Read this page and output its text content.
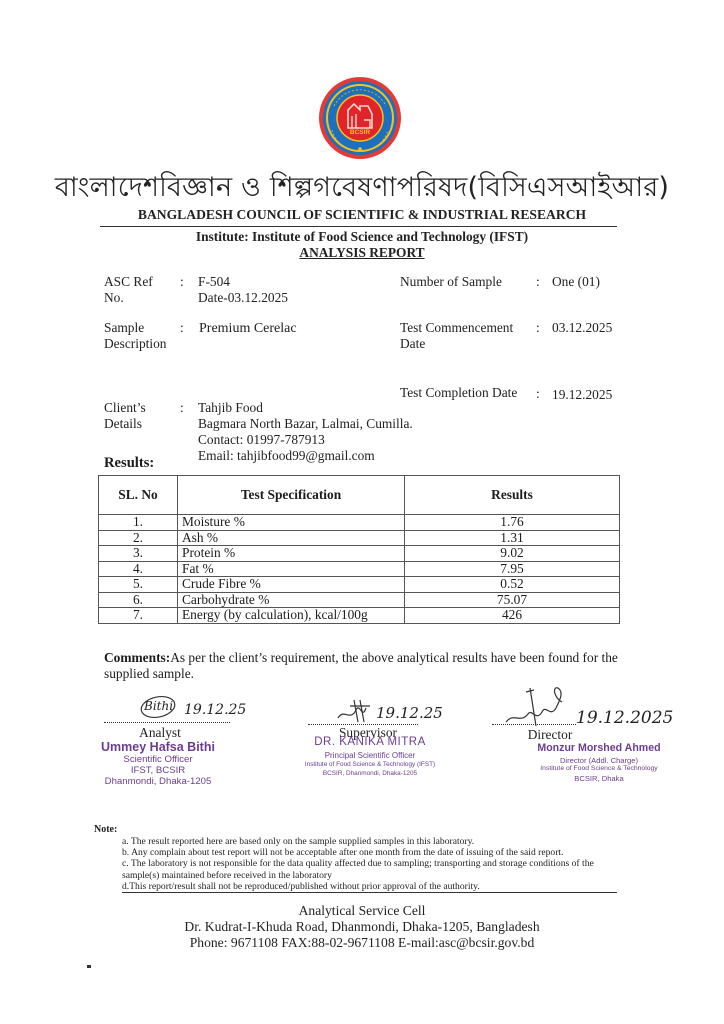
BCSIR
বাংলাদেশবিজ্ঞান ও শিল্পগবেষণাপরিষদ(বিসিএসআইআর)
BANGLADESH COUNCIL OF SCIENTIFIC & INDUSTRIAL RESEARCH
Institute: Institute of Food Science and Technology (IFST)
ANALYSIS REPORT
ASC Ref
No.
: F-504
Date-03.12.2025
Number of Sample	: One (01)
Sample
Description
: Premium Cerelac	Test Commencement
Date
: 03.12.2025
Test Completion Date : 19.12.2025
Client’s
Details
: Tahjib Food
Bagmara North Bazar, Lalmai, Cumilla.
Contact: 01997-787913
Email: tahjibfood99@gmail.com
Results:
SL. No	Test Specification	Results
1.	Moisture %	1.76
2.	Ash %	1.31
3.	Protein %	9.02
4.	Fat %	7.95
5.	Crude Fibre %	0.52
6.	Carbohydrate %	75.07
7.	Energy (by calculation), kcal/100g	426
Comments:As per the client’s requirement, the above analytical results have been found for the supplied sample.
Bithi 19.12.25
Analyst
Ummey Hafsa Bithi
Scientific Officer
IFST, BCSIR
Dhanmondi, Dhaka-1205
19.12.25
Supervisor
DR. KANIKA MITRA
Principal Scientific Officer
Institute of Food Science & Technology (IFST)
BCSIR, Dhanmondi, Dhaka-1205
19.12.2025
Director
Monzur Morshed Ahmed
Director (Addl. Charge)
Institute of Food Science & Technology
BCSIR, Dhaka
Note:
a. The result reported here are based only on the sample supplied samples in this laboratory.
b. Any complain about test report will not be acceptable after one month from the date of issuing of the said report.
c. The laboratory is not responsible for the data quality affected due to sampling; transporting and storage conditions of the sample(s) maintained before received in the laboratory
d.This report/result shall not be reproduced/published without prior approval of the authority.
Analytical Service Cell
Dr. Kudrat-I-Khuda Road, Dhanmondi, Dhaka-1205, Bangladesh
Phone: 9671108 FAX:88-02-9671108 E-mail:asc@bcsir.gov.bd
